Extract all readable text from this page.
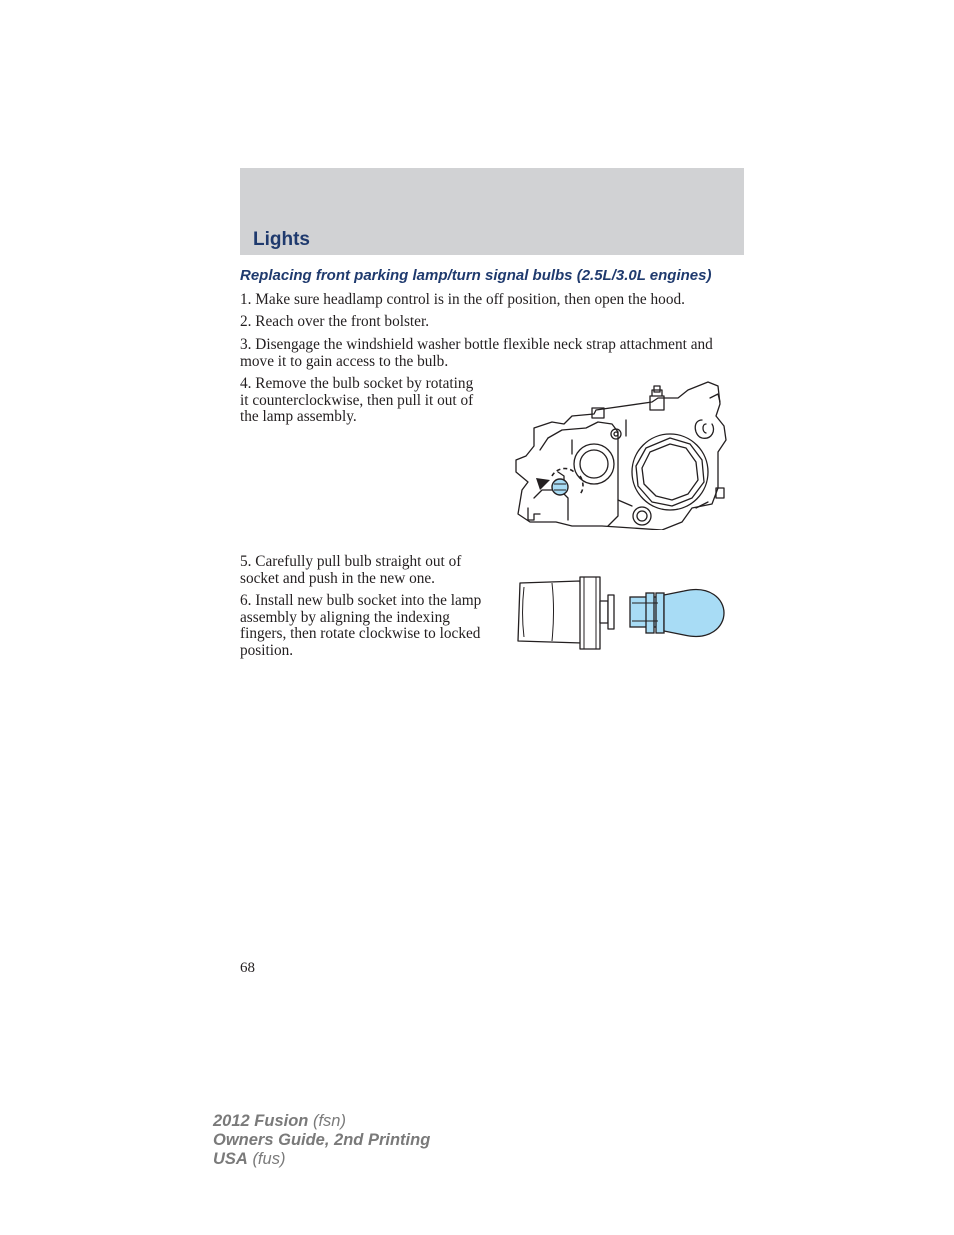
Lights
Replacing front parking lamp/turn signal bulbs (2.5L/3.0L engines)
1. Make sure headlamp control is in the off position, then open the hood.
2. Reach over the front bolster.
3. Disengage the windshield washer bottle flexible neck strap attachment and move it to gain access to the bulb.
4. Remove the bulb socket by rotating it counterclockwise, then pull it out of the lamp assembly.
5. Carefully pull bulb straight out of socket and push in the new one.
6. Install new bulb socket into the lamp assembly by aligning the indexing fingers, then rotate clockwise to locked position.
68
2012 Fusion (fsn)
Owners Guide, 2nd Printing
USA (fus)
